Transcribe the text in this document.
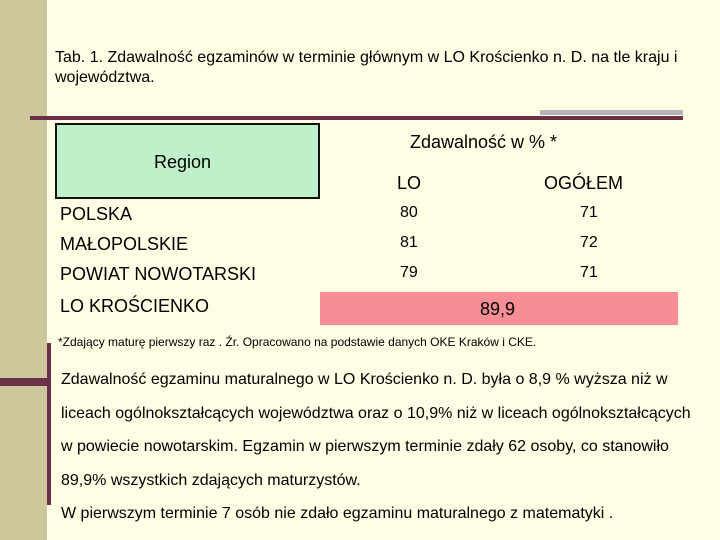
Tab. 1. Zdawalność egzaminów w terminie głównym w LO Krościenko n. D. na tle kraju i województwa.
Region
Zdawalność w % *
LO	OGÓŁEM
POLSKA	80	71
MAŁOPOLSKIE	81	72
POWIAT NOWOTARSKI	79	71
LO KROŚCIENKO	89,9
*Zdający maturę pierwszy raz . Źr. Opracowano na podstawie danych OKE Kraków i CKE.
Zdawalność egzaminu maturalnego w LO Krościenko n. D. była o 8,9 % wyższa niż w liceach ogólnokształcących województwa oraz o 10,9% niż w liceach ogólnokształcących w powiecie nowotarskim. Egzamin w pierwszym terminie zdały 62 osoby, co stanowiło 89,9% wszystkich zdających maturzystów.
W pierwszym terminie 7 osób nie zdało egzaminu maturalnego z matematyki .
